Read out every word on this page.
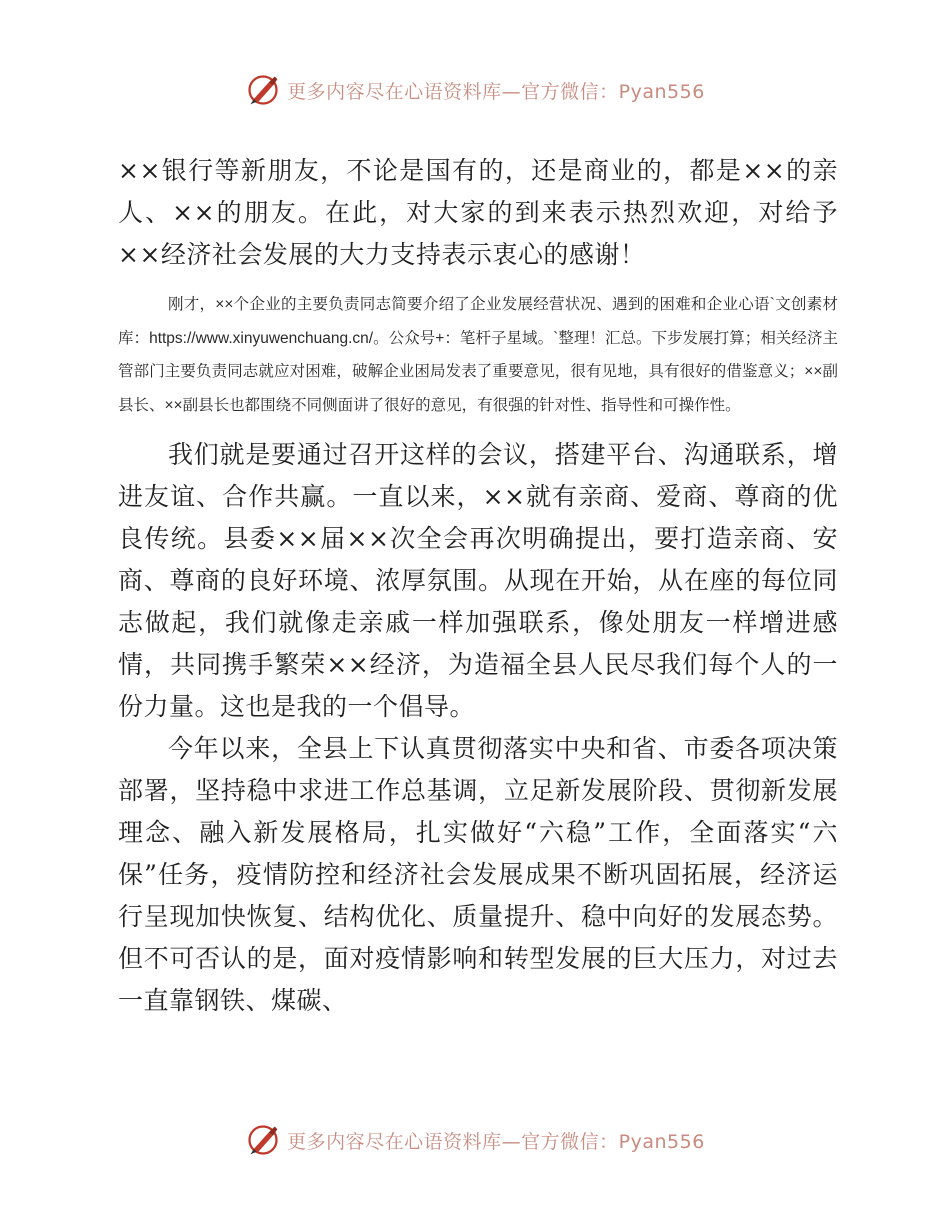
更多内容尽在心语资料库—官方微信：Pyan556

××银行等新朋友，不论是国有的，还是商业的，都是××的亲人、××的朋友。在此，对大家的到来表示热烈欢迎，对给予××经济社会发展的大力支持表示衷心的感谢！

刚才，××个企业的主要负责同志简要介绍了企业发展经营状况、遇到的困难和企业心语`文创素材库：https://www.xinyuwenchuang.cn/。公众号+：笔杆子星域。`整理！汇总。下步发展打算；相关经济主管部门主要负责同志就应对困难，破解企业困局发表了重要意见，很有见地，具有很好的借鉴意义；××副县长、××副县长也都围绕不同侧面讲了很好的意见，有很强的针对性、指导性和可操作性。

我们就是要通过召开这样的会议，搭建平台、沟通联系，增进友谊、合作共赢。一直以来，××就有亲商、爱商、尊商的优良传统。县委××届××次全会再次明确提出，要打造亲商、安商、尊商的良好环境、浓厚氛围。从现在开始，从在座的每位同志做起，我们就像走亲戚一样加强联系，像处朋友一样增进感情，共同携手繁荣××经济，为造福全县人民尽我们每个人的一份力量。这也是我的一个倡导。

今年以来，全县上下认真贯彻落实中央和省、市委各项决策部署，坚持稳中求进工作总基调，立足新发展阶段、贯彻新发展理念、融入新发展格局，扎实做好“六稳”工作，全面落实“六保”任务，疫情防控和经济社会发展成果不断巩固拓展，经济运行呈现加快恢复、结构优化、质量提升、稳中向好的发展态势。但不可否认的是，面对疫情影响和转型发展的巨大压力，对过去一直靠钢铁、煤碳、

更多内容尽在心语资料库—官方微信：Pyan556
